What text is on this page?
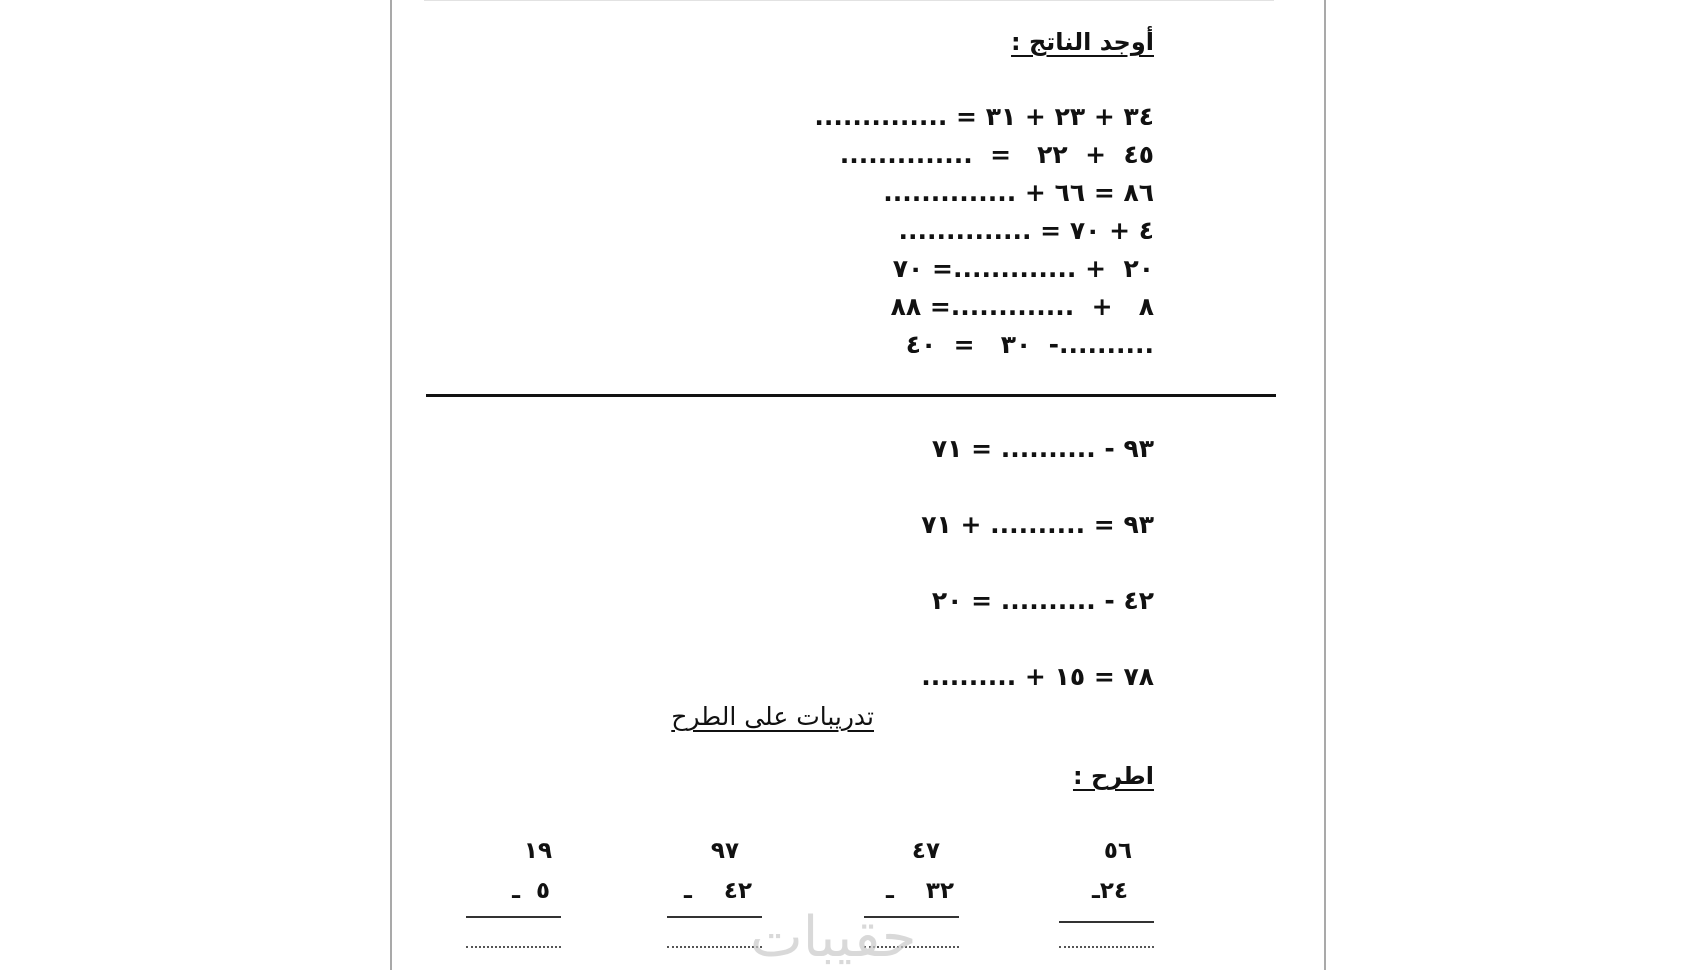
أوجد الناتج :
٣٤ + ٢٣ + ٣١ = ..............
٤٥  +  ٢٢   =  ..............
٨٦ = ٦٦ + ..............
٤ + ٧٠ = ..............
٢٠  + .............= ٧٠
٨   +  .............= ٨٨
..........-  ٣٠   =  ٤٠
٩٣ - .......... = ٧١
٩٣ = .......... + ٧١
٤٢ - .......... = ٢٠
٧٨ = ١٥ + ..........
تدريبات على الطرح
اطرح :
٥٦
٢٤ـ
٤٧
٣٢    ـ
٩٧
٤٢    ـ
١٩
٥  ـ
حقيبات
